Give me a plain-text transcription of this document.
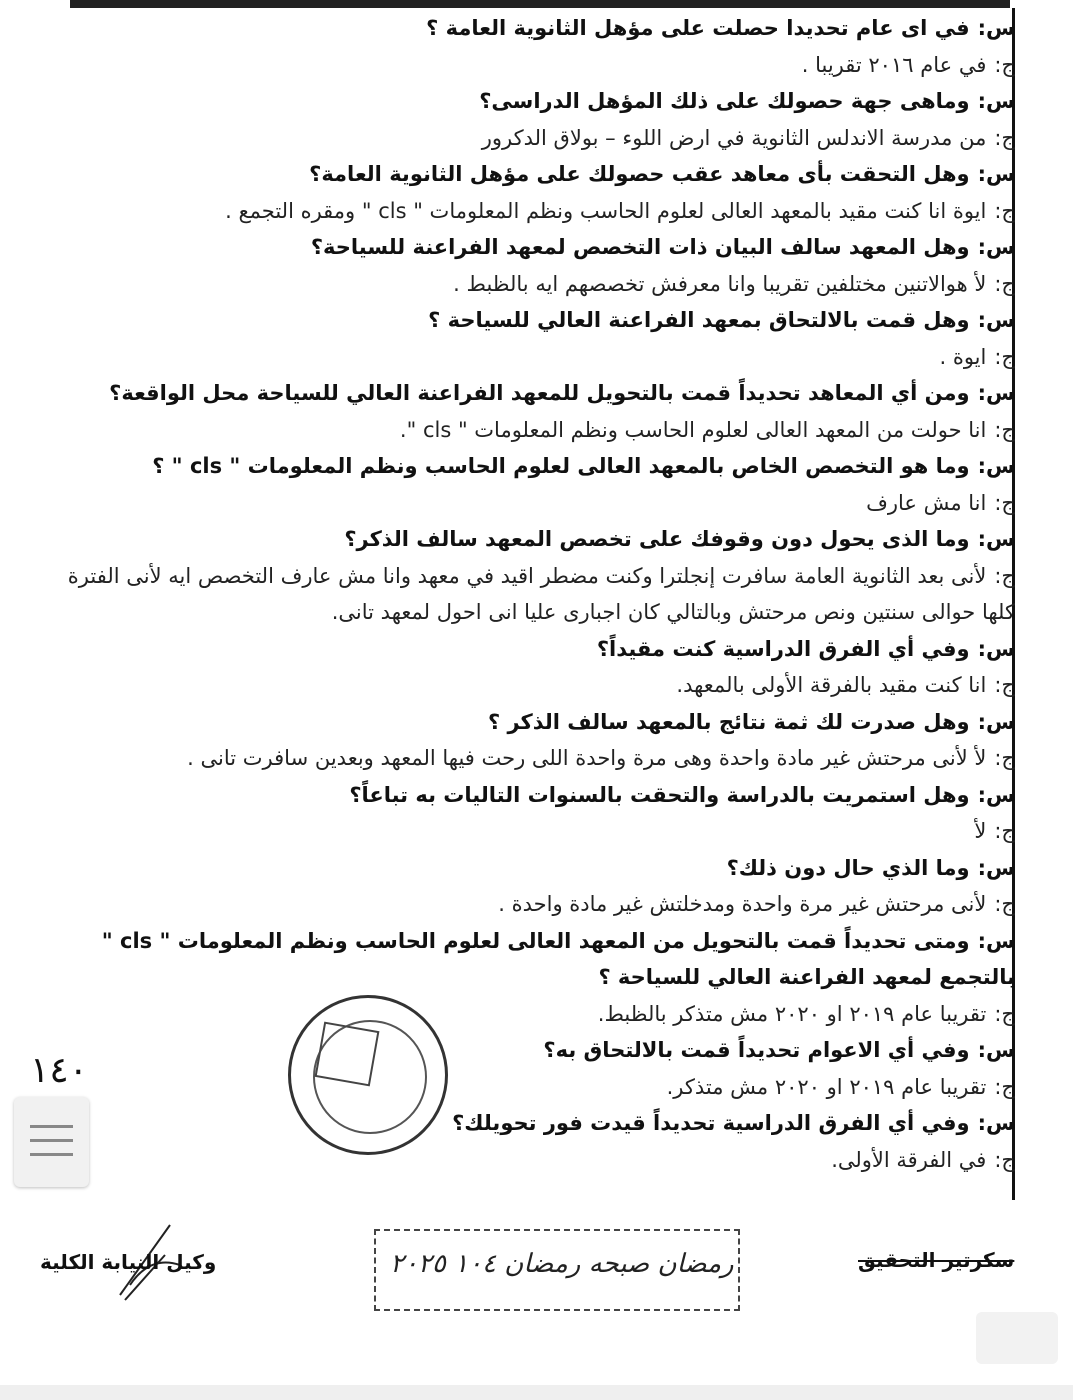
س:في اى عام تحديدا حصلت على مؤهل الثانوية العامة ؟
ج:في عام ٢٠١٦ تقريبا .
س:وماهى جهة حصولك على ذلك المؤهل الدراسى؟
ج:من مدرسة الاندلس الثانوية في ارض اللوء – بولاق الدكرور
س:وهل التحقت بأى معاهد عقب حصولك على مؤهل الثانوية العامة؟
ج:ايوة انا كنت مقيد بالمعهد العالى لعلوم الحاسب ونظم المعلومات " cls " ومقره التجمع .
س:وهل المعهد سالف البيان ذات التخصص لمعهد الفراعنة للسياحة؟
ج:لأ هوالاتنين مختلفين تقريبا وانا معرفش تخصصهم ايه بالظبط .
س:وهل قمت بالالتحاق بمعهد الفراعنة العالي للسياحة ؟
ج:ايوة .
س:ومن أي المعاهد تحديداً قمت بالتحويل للمعهد الفراعنة العالي للسياحة محل الواقعة؟
ج:انا حولت من المعهد العالى لعلوم الحاسب ونظم المعلومات " cls ".
س:وما هو التخصص الخاص بالمعهد العالى لعلوم الحاسب ونظم المعلومات " cls " ؟
ج:انا مش عارف
س:وما الذى يحول دون وقوفك على تخصص المعهد سالف الذكر؟
ج:لأنى بعد الثانوية العامة سافرت إنجلترا وكنت مضطر اقيد في معهد وانا مش عارف التخصص ايه لأنى الفترة كلها حوالى سنتين ونص مرحتش وبالتالي كان اجبارى عليا انى احول لمعهد تانى.
س:وفي أي الفرق الدراسية كنت مقيداً؟
ج:انا كنت مقيد بالفرقة الأولى بالمعهد.
س:وهل صدرت لك ثمة نتائج بالمعهد سالف الذكر ؟
ج:لأ لأنى مرحتش غير مادة واحدة وهى مرة واحدة اللى رحت فيها المعهد وبعدين سافرت تانى .
س:وهل استمريت بالدراسة والتحقت بالسنوات التاليات به تباعاً؟
ج:لأ
س:وما الذي حال دون ذلك؟
ج:لأنى مرحتش غير مرة واحدة ومدخلتش غير مادة واحدة .
س:ومتى تحديداً قمت بالتحويل من المعهد العالى لعلوم الحاسب ونظم المعلومات " cls " بالتجمع لمعهد الفراعنة العالي للسياحة ؟
ج:تقريبا عام ٢٠١٩ او ٢٠٢٠ مش متذكر بالظبط.
س:وفي أي الاعوام تحديداً قمت بالالتحاق به؟
ج:تقريبا عام ٢٠١٩ او ٢٠٢٠ مش متذكر.
س:وفي أي الفرق الدراسية تحديداً قيدت فور تحويلك؟
ج:في الفرقة الأولى.
١٤٠
وكيل النيابة الكلية	رمضان صبحه رمضان ١٠٤ ٢٠٢٥	سكرتير التحقيق
